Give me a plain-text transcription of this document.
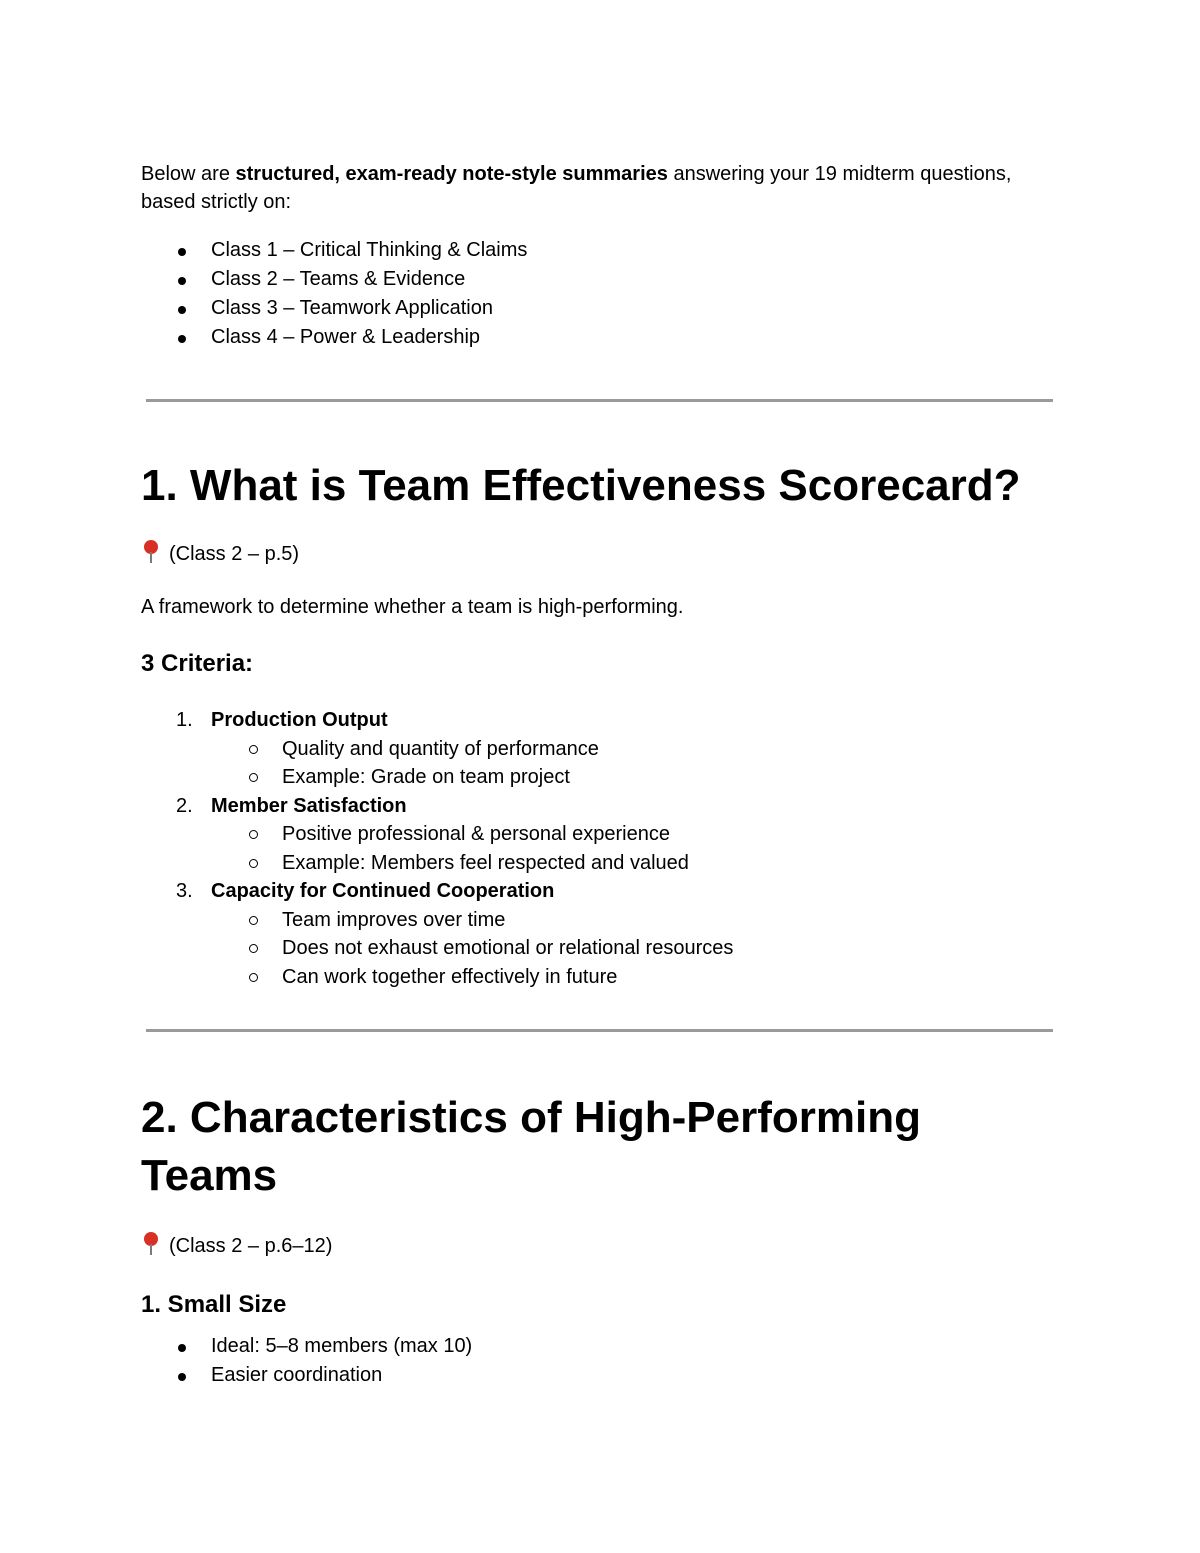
Below are structured, exam-ready note-style summaries answering your 19 midterm questions, based strictly on:

Class 1 – Critical Thinking & Claims
Class 2 – Teams & Evidence
Class 3 – Teamwork Application
Class 4 – Power & Leadership
1. What is Team Effectiveness Scorecard?
(Class 2 – p.5)
A framework to determine whether a team is high-performing.
3 Criteria:
1. Production Output
Quality and quantity of performance
Example: Grade on team project
2. Member Satisfaction
Positive professional & personal experience
Example: Members feel respected and valued
3. Capacity for Continued Cooperation
Team improves over time
Does not exhaust emotional or relational resources
Can work together effectively in future
2. Characteristics of High-Performing Teams
(Class 2 – p.6–12)
1. Small Size
Ideal: 5–8 members (max 10)
Easier coordination
